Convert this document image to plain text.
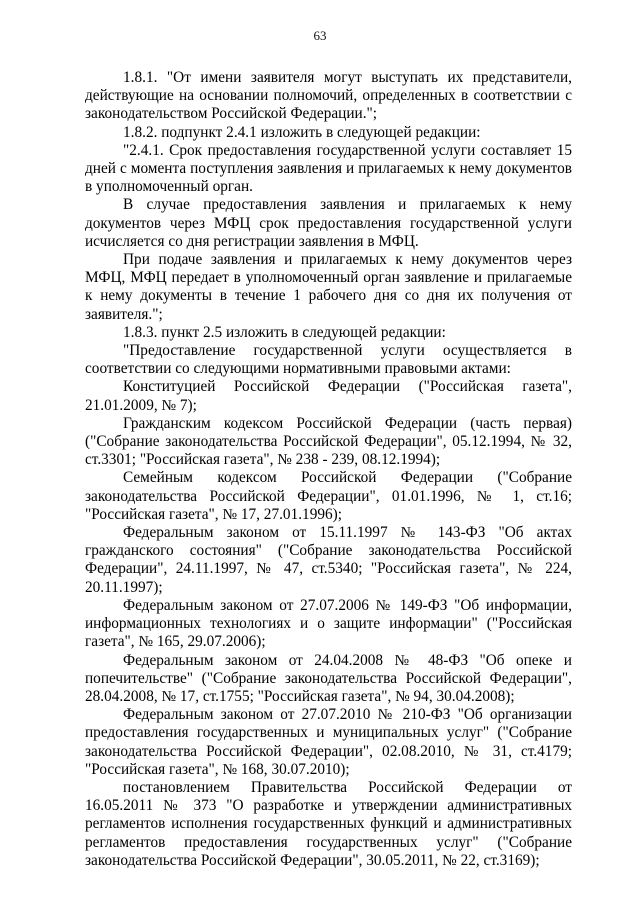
63

1.8.1. "От имени заявителя могут выступать их представители, действующие на основании полномочий, определенных в соответствии с законодательством Российской Федерации.";

1.8.2. подпункт 2.4.1 изложить в следующей редакции:

"2.4.1. Срок предоставления государственной услуги составляет 15 дней с момента поступления заявления и прилагаемых к нему документов в уполномоченный орган.

В случае предоставления заявления и прилагаемых к нему документов через МФЦ срок предоставления государственной услуги исчисляется со дня регистрации заявления в МФЦ.

При подаче заявления и прилагаемых к нему документов через МФЦ, МФЦ передает в уполномоченный орган заявление и прилагаемые к нему документы в течение 1 рабочего дня со дня их получения от заявителя.";

1.8.3. пункт 2.5 изложить в следующей редакции:

"Предоставление государственной услуги осуществляется в соответствии со следующими нормативными правовыми актами:

Конституцией Российской Федерации ("Российская газета", 21.01.2009, № 7);

Гражданским кодексом Российской Федерации (часть первая) ("Собрание законодательства Российской Федерации", 05.12.1994, № 32, ст.3301; "Российская газета", № 238 - 239, 08.12.1994);

Семейным кодексом Российской Федерации ("Собрание законодательства Российской Федерации", 01.01.1996, № 1, ст.16; "Российская газета", № 17, 27.01.1996);

Федеральным законом от 15.11.1997 № 143-ФЗ "Об актах гражданского состояния" ("Собрание законодательства Российской Федерации", 24.11.1997, № 47, ст.5340; "Российская газета", № 224, 20.11.1997);

Федеральным законом от 27.07.2006 № 149-ФЗ "Об информации, информационных технологиях и о защите информации" ("Российская газета", № 165, 29.07.2006);

Федеральным законом от 24.04.2008 № 48-ФЗ "Об опеке и попечительстве" ("Собрание законодательства Российской Федерации", 28.04.2008, № 17, ст.1755; "Российская газета", № 94, 30.04.2008);

Федеральным законом от 27.07.2010 № 210-ФЗ "Об организации предоставления государственных и муниципальных услуг" ("Собрание законодательства Российской Федерации", 02.08.2010, № 31, ст.4179; "Российская газета", № 168, 30.07.2010);

постановлением Правительства Российской Федерации от 16.05.2011 № 373 "О разработке и утверждении административных регламентов исполнения государственных функций и административных регламентов предоставления государственных услуг" ("Собрание законодательства Российской Федерации", 30.05.2011, № 22, ст.3169);
